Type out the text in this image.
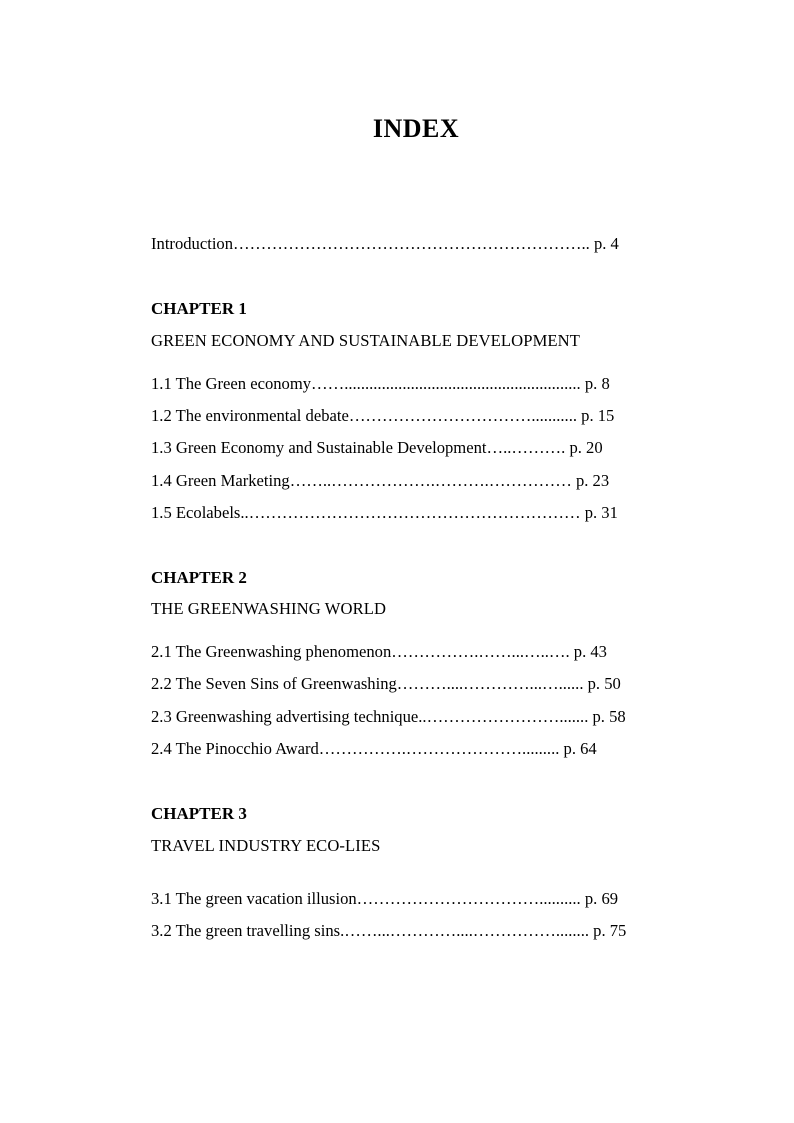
INDEX

Introduction……………………………………………………….. p. 4

CHAPTER 1

GREEN ECONOMY AND SUSTAINABLE DEVELOPMENT

1.1 The Green economy……......................................................... p. 8

1.2 The environmental debate……………………………........... p. 15

1.3 Green Economy and Sustainable Development…..………. p. 20

1.4 Green Marketing……..……………….……….…………… p. 23

1.5 Ecolabels..…………………………………………………… p. 31

CHAPTER 2

THE GREENWASHING WORLD

2.1 The Greenwashing phenomenon…………….……...…..…. p. 43

2.2 The Seven Sins of Greenwashing………....…………...…...... p. 50

2.3 Greenwashing advertising technique..……………………....... p. 58

2.4 The Pinocchio Award…………….…………………......... p. 64

CHAPTER 3

TRAVEL INDUSTRY ECO-LIES

3.1 The green vacation illusion…………………………….......... p. 69

3.2 The green travelling sins.……...…………....……………........ p. 75
